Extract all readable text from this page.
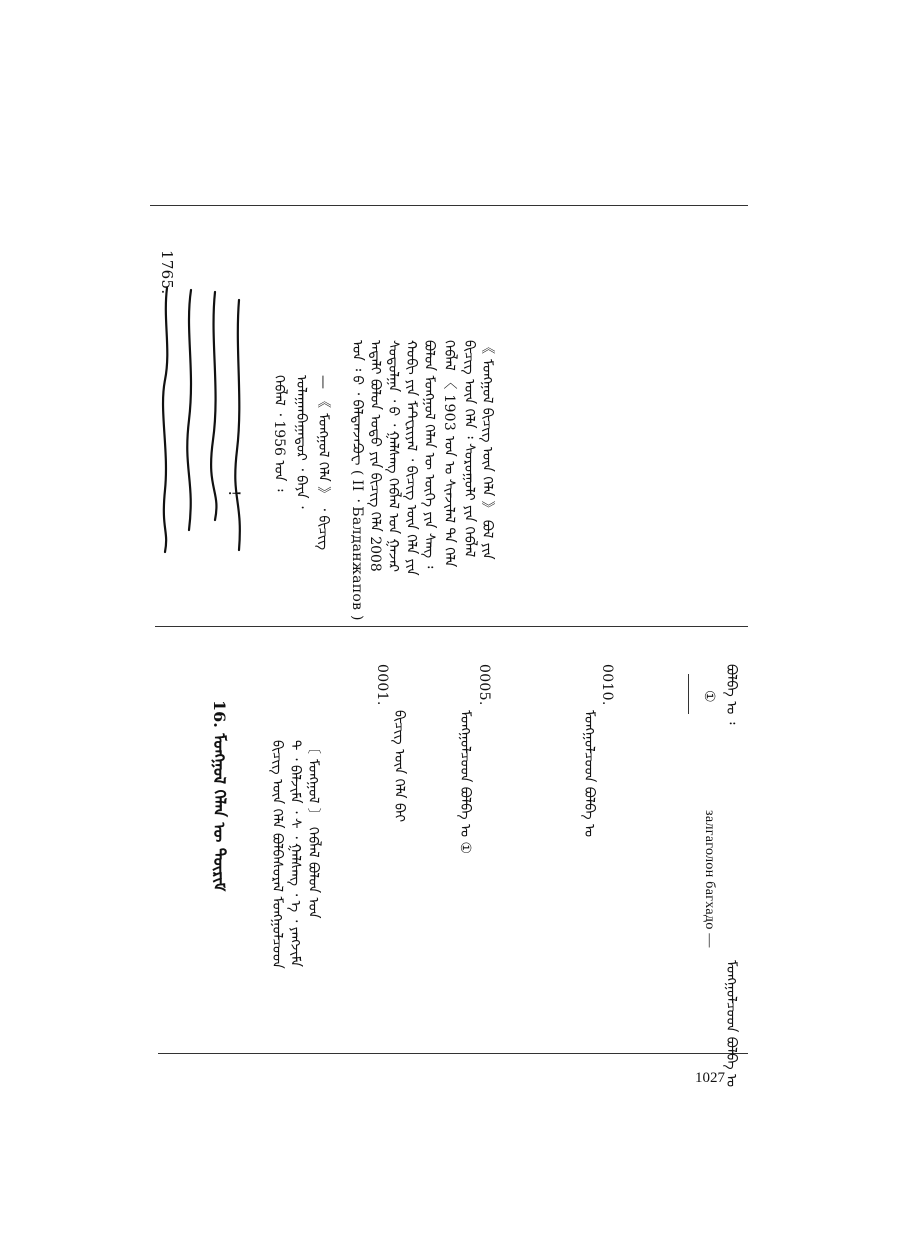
1765.
!
ᠬᠡᠪᠯᠡᠯ ᠂ 1956 ᠣᠨ ᠄ ᠤᠯᠠᠭᠠᠨᠪᠠᠭᠠᠲᠤᠷ ᠂ ᠪᠡᠶᠡ ᠂ — 《 ᠮᠣᠩᠭᠣᠯ ᠬᠡᠯᠡ 》 ᠂ ᠪᠢᠴᠢᠭ	ᠪᠣᠯᠤᠨ ᠮᠣᠩᠭᠣᠯ ᠬᠡᠯᠡᠨ ᠦ ᠦᠭᠡ ᠶᠢᠨ ᠰᠠᠩ ᠄
ᠬᠤᠪᠢ ᠶᠢᠨ ᠮᠠᠲᠧᠷᠢᠶᠠᠯ ᠂ ᠪᠢᠴᠢᠭ ᠦᠨ ᠬᠡᠯᠡ ᠶᠢᠨ
ᠰᠤᠳᠤᠯᠭᠠ ᠂ ᠪ ᠂ ᠭᠠᠯᠰᠠᠩ ᠬᠡᠪᠯᠡᠯ ᠤᠨ ᠭᠠᠵᠠᠷ
ᠠᠳᠠᠯᠢ ᠪᠣᠯᠤᠨ ᠣᠳᠣ ᠶᠢᠨ ᠪᠢᠴᠢᠭ ᠬᠡᠯᠡ 2008
ᠣᠨ ᠄ ᠪ ᠂ ᠪᠠᠯᠳᠠᠨᠵᠠᠫᠣᠸ ( II ᠂ Балданжапов )	ᠪᠢᠴᠢᠭ ᠦᠨ ᠬᠡᠯᠡ ᠄ ᠰᠤᠷᠤᠭᠤᠯᠢ ᠶᠢᠨ ᠬᠡᠪᠯᠡᠯ
ᠬᠡᠪᠯᠡᠯ 〈 1903 ᠣᠨ ᠤ ᠰᠢᠨᠵᠢᠯᠡᠯ ᠲᠡ ᠬᠡᠯᠡ 《 ᠮᠣᠩᠭᠣᠯ ᠪᠢᠴᠢᠭ ᠦᠨ ᠬᠡᠯᠡ 》 ᠪᠣᠯ ᠶᠢᠨ
16. ᠮᠣᠩᠭᠣᠯ ᠬᠡᠯᠡᠨ ᠦ ᠳᠦᠷᠢᠮ	ᠪᠢᠴᠢᠭ ᠦᠨ ᠬᠡᠯᠡ ᠪᠣᠯᠪᠠᠰᠤᠷᠠᠯ ᠮᠣᠩᠭᠣᠯᠴᠤᠳ ᠲ ᠂ ᠪᠠᠯᠵᠢᠮᠠ ᠂ ᠰ ᠂ ᠭᠠᠯᠰᠠᠩ ᠂ ᠡ ᠂ ᠶᠠᠩᠵᠢᠮᠠ 〔 ᠮᠣᠩᠭᠣᠯ 〕 ᠬᠡᠪᠯᠡᠯ ᠪᠣᠯᠤᠨ ᠤᠨ
0010.
ᠮᠣᠩᠭᠣᠯᠴᠤᠳ ᠪᠣᠯᠪᠠ ᠤ
0005.
ᠮᠣᠩᠭᠣᠯᠴᠤᠳ ᠪᠣᠯᠪᠠ ᠤ ①
0001.
ᠪᠢᠴᠢᠭ ᠦᠨ ᠬᠡᠯᠡ ᠪᠠᠢ
ᠪᠣᠯᠪᠠ ᠤ ᠄
①
залгаголон багхадо —
ᠮᠣᠩᠭᠣᠯᠴᠤᠳ ᠪᠣᠯᠪᠠ ᠤ
1027
